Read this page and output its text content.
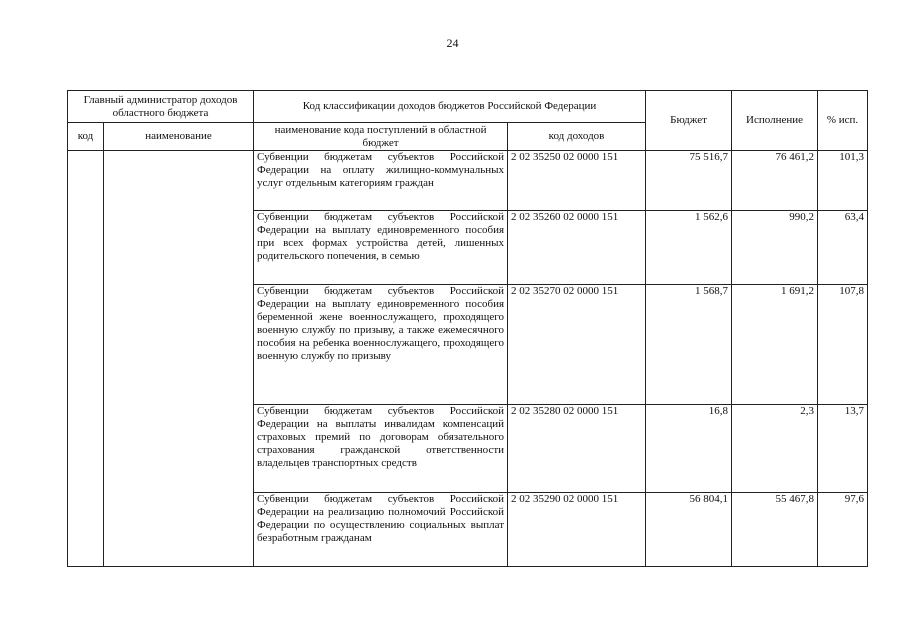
24
Главный администратор доходов областного бюджета		Код классификации доходов бюджетов Российской Федерации		Бюджет	Исполнение	% исп.
код	наименование	наименование кода поступлений в областной бюджет	код доходов			
		Субвенции бюджетам субъектов Российской Федерации на оплату жилищно-коммунальных услуг отдельным категориям граждан	2 02 35250 02 0000 151	75 516,7	76 461,2	101,3
		Субвенции бюджетам субъектов Российской Федерации на выплату единовременного пособия при всех формах устройства детей, лишенных родительского попечения, в семью	2 02 35260 02 0000 151	1 562,6	990,2	63,4
		Субвенции бюджетам субъектов Российской Федерации на выплату единовременного пособия беременной жене военнослужащего, проходящего военную службу по призыву, а также ежемесячного пособия на ребенка военнослужащего, проходящего военную службу по призыву	2 02 35270 02 0000 151	1 568,7	1 691,2	107,8
		Субвенции бюджетам субъектов Российской Федерации на выплаты инвалидам компенсаций страховых премий по договорам обязательного страхования гражданской ответственности владельцев транспортных средств	2 02 35280 02 0000 151	16,8	2,3	13,7
		Субвенции бюджетам субъектов Российской Федерации на реализацию полномочий Российской Федерации по осуществлению социальных выплат безработным гражданам	2 02 35290 02 0000 151	56 804,1	55 467,8	97,6
